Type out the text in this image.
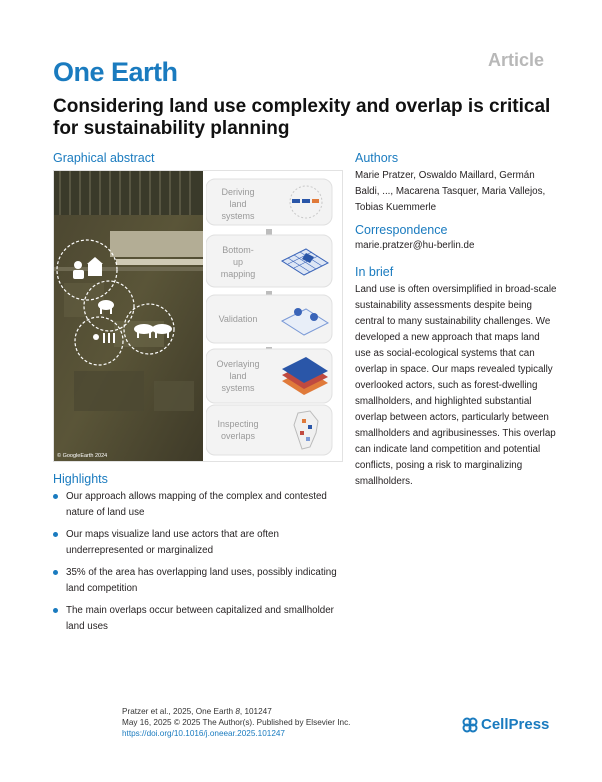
Article
One Earth
Considering land use complexity and overlap is critical for sustainability planning
Graphical abstract
© GoogleEarth 2024
Deriving
land
systems
Bottom-
up
mapping
Validation
Overlaying
land
systems
Inspecting
overlaps
Authors
Marie Pratzer, Oswaldo Maillard, Germán Baldi, ..., Macarena Tasquer, Maria Vallejos, Tobias Kuemmerle
Correspondence
marie.pratzer@hu-berlin.de
In brief
Land use is often oversimplified in broad-scale sustainability assessments despite being central to many sustainability challenges. We developed a new approach that maps land use as social-ecological systems that can overlap in space. Our maps revealed typically overlooked actors, such as forest-dwelling smallholders, and highlighted substantial overlap between actors, particularly between smallholders and agribusinesses. This overlap can indicate land competition and potential conflicts, posing a risk to marginalizing smallholders.
Highlights
Our approach allows mapping of the complex and contested nature of land use
Our maps visualize land use actors that are often underrepresented or marginalized
35% of the area has overlapping land uses, possibly indicating land competition
The main overlaps occur between capitalized and smallholder land uses
Pratzer et al., 2025, One Earth 8, 101247
May 16, 2025 © 2025 The Author(s). Published by Elsevier Inc.
https://doi.org/10.1016/j.oneear.2025.101247
CellPress
